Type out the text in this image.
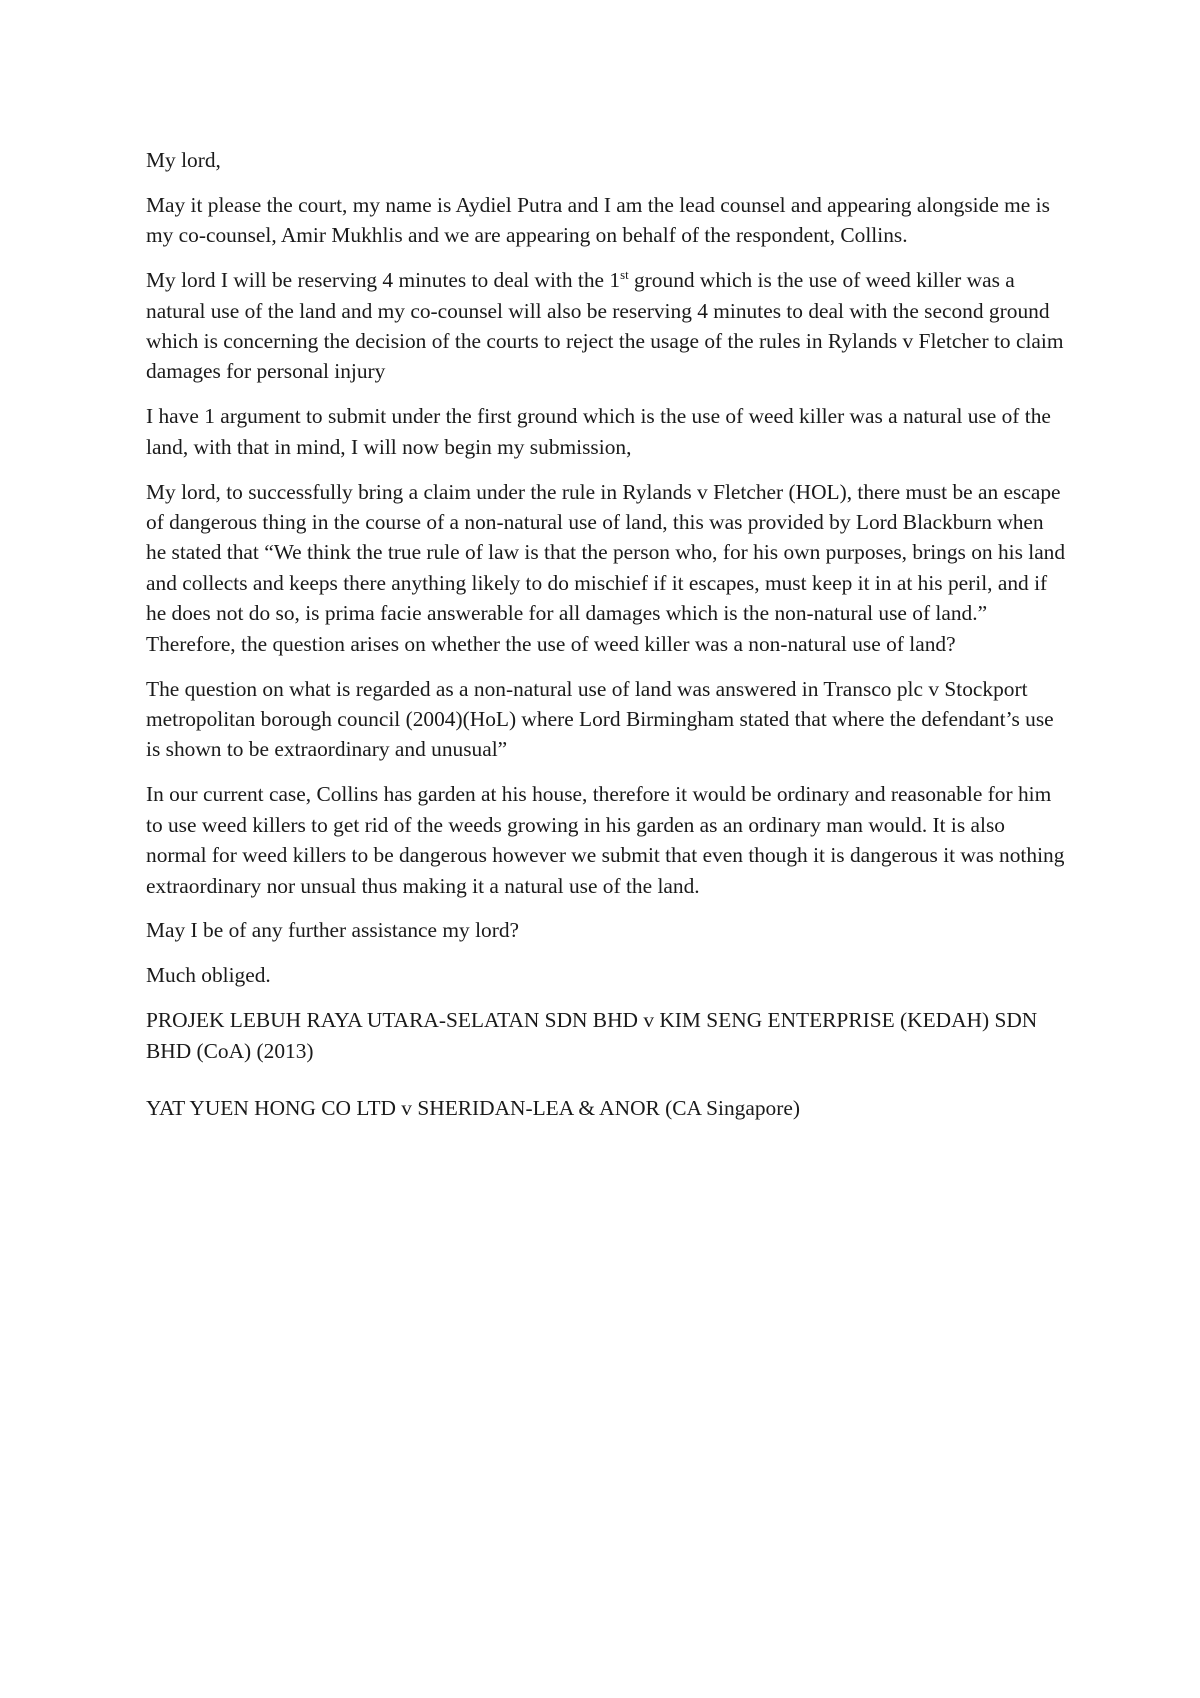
My lord,

May it please the court, my name is Aydiel Putra and I am the lead counsel and appearing alongside me is my co-counsel, Amir Mukhlis and we are appearing on behalf of the respondent, Collins.

My lord I will be reserving 4 minutes to deal with the 1st ground which is the use of weed killer was a natural use of the land and my co-counsel will also be reserving 4 minutes to deal with the second ground which is concerning the decision of the courts to reject the usage of the rules in Rylands v Fletcher to claim damages for personal injury

I have 1 argument to submit under the first ground which is the use of weed killer was a natural use of the land, with that in mind, I will now begin my submission,

My lord, to successfully bring a claim under the rule in Rylands v Fletcher (HOL), there must be an escape of dangerous thing in the course of a non-natural use of land, this was provided by Lord Blackburn when he stated that “We think the true rule of law is that the person who, for his own purposes, brings on his land and collects and keeps there anything likely to do mischief if it escapes, must keep it in at his peril, and if he does not do so, is prima facie answerable for all damages which is the non-natural use of land.” Therefore, the question arises on whether the use of weed killer was a non-natural use of land?

The question on what is regarded as a non-natural use of land was answered in Transco plc v Stockport metropolitan borough council (2004)(HoL) where Lord Birmingham stated that where the defendant’s use is shown to be extraordinary and unusual”

In our current case, Collins has garden at his house, therefore it would be ordinary and reasonable for him to use weed killers to get rid of the weeds growing in his garden as an ordinary man would. It is also normal for weed killers to be dangerous however we submit that even though it is dangerous it was nothing extraordinary nor unsual thus making it a natural use of the land.

May I be of any further assistance my lord?

Much obliged.

PROJEK LEBUH RAYA UTARA-SELATAN SDN BHD v KIM SENG ENTERPRISE (KEDAH) SDN BHD (CoA) (2013)

YAT YUEN HONG CO LTD v SHERIDAN-LEA & ANOR (CA Singapore)
